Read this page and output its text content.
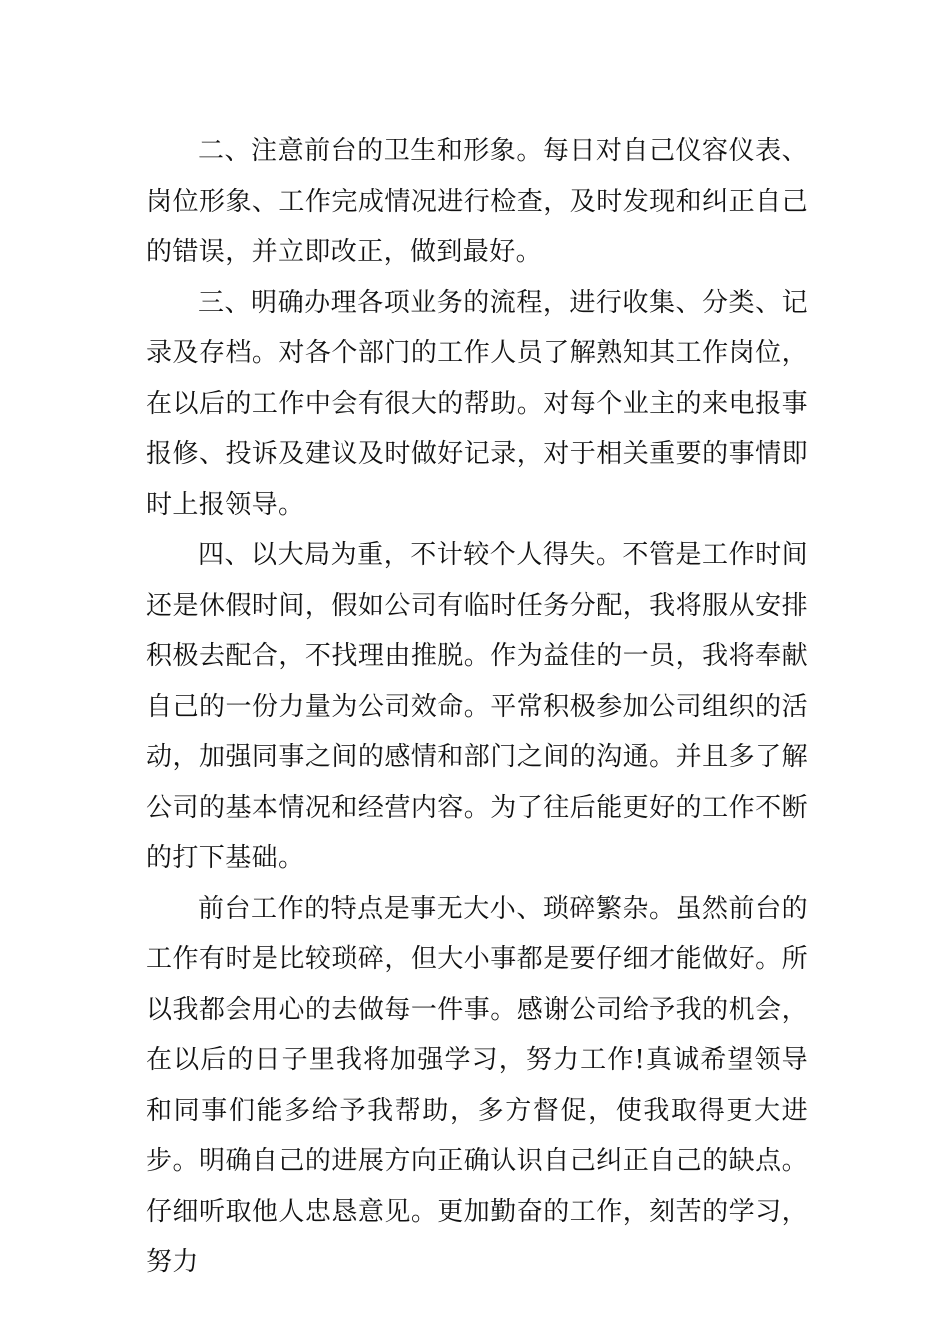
二、注意前台的卫生和形象。每日对自己仪容仪表、岗位形象、工作完成情况进行检查，及时发现和纠正自己的错误，并立即改正，做到最好。

三、明确办理各项业务的流程，进行收集、分类、记录及存档。对各个部门的工作人员了解熟知其工作岗位，在以后的工作中会有很大的帮助。对每个业主的来电报事报修、投诉及建议及时做好记录，对于相关重要的事情即时上报领导。

四、以大局为重，不计较个人得失。不管是工作时间还是休假时间，假如公司有临时任务分配，我将服从安排积极去配合，不找理由推脱。作为益佳的一员，我将奉献自己的一份力量为公司效命。平常积极参加公司组织的活动，加强同事之间的感情和部门之间的沟通。并且多了解公司的基本情况和经营内容。为了往后能更好的工作不断的打下基础。

前台工作的特点是事无大小、琐碎繁杂。虽然前台的工作有时是比较琐碎，但大小事都是要仔细才能做好。所以我都会用心的去做每一件事。感谢公司给予我的机会，在以后的日子里我将加强学习，努力工作!真诚希望领导和同事们能多给予我帮助，多方督促，使我取得更大进步。明确自己的进展方向正确认识自己纠正自己的缺点。仔细听取他人忠恳意见。更加勤奋的工作，刻苦的学习，努力
